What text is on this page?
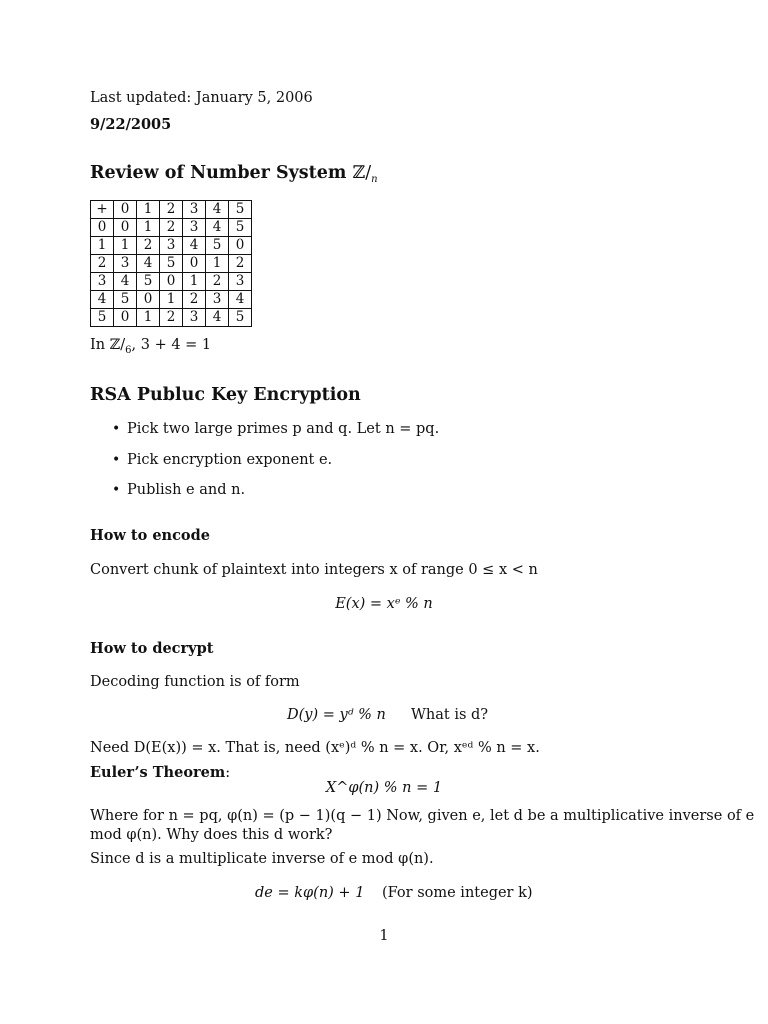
Last updated: January 5, 2006
9/22/2005
Review of Number System $ℤ/_n$
+	0	1	2	3	4	5
0	0	1	2	3	4	5
1	1	2	3	4	5	0
2	3	4	5	0	1	2
3	4	5	0	1	2	3
4	5	0	1	2	3	4
5	0	1	2	3	4	5
In $ℤ/_6$, 3 + 4 = 1
RSA Publuc Key Encryption
• Pick two large primes p and q. Let n = pq.
• Pick encryption exponent e.
• Publish e and n.
How to encode
Convert chunk of plaintext into integers x of range 0 ≤ x < n
E(x) = xᵉ % n
How to decrypt
Decoding function is of form
D(y) = yᵈ % n What is d?
Need D(E(x)) = x. That is, need (xᵉ)ᵈ % n = x. Or, xᵉᵈ % n = x.
Euler’s Theorem:
X^φ(n) % n = 1
Where for n = pq, φ(n) = (p − 1)(q − 1) Now, given e, let d be a multiplicative inverse of e
mod φ(n). Why does this d work?
Since d is a multiplicate inverse of e mod φ(n).
de = kφ(n) + 1 (For some integer k)
1
